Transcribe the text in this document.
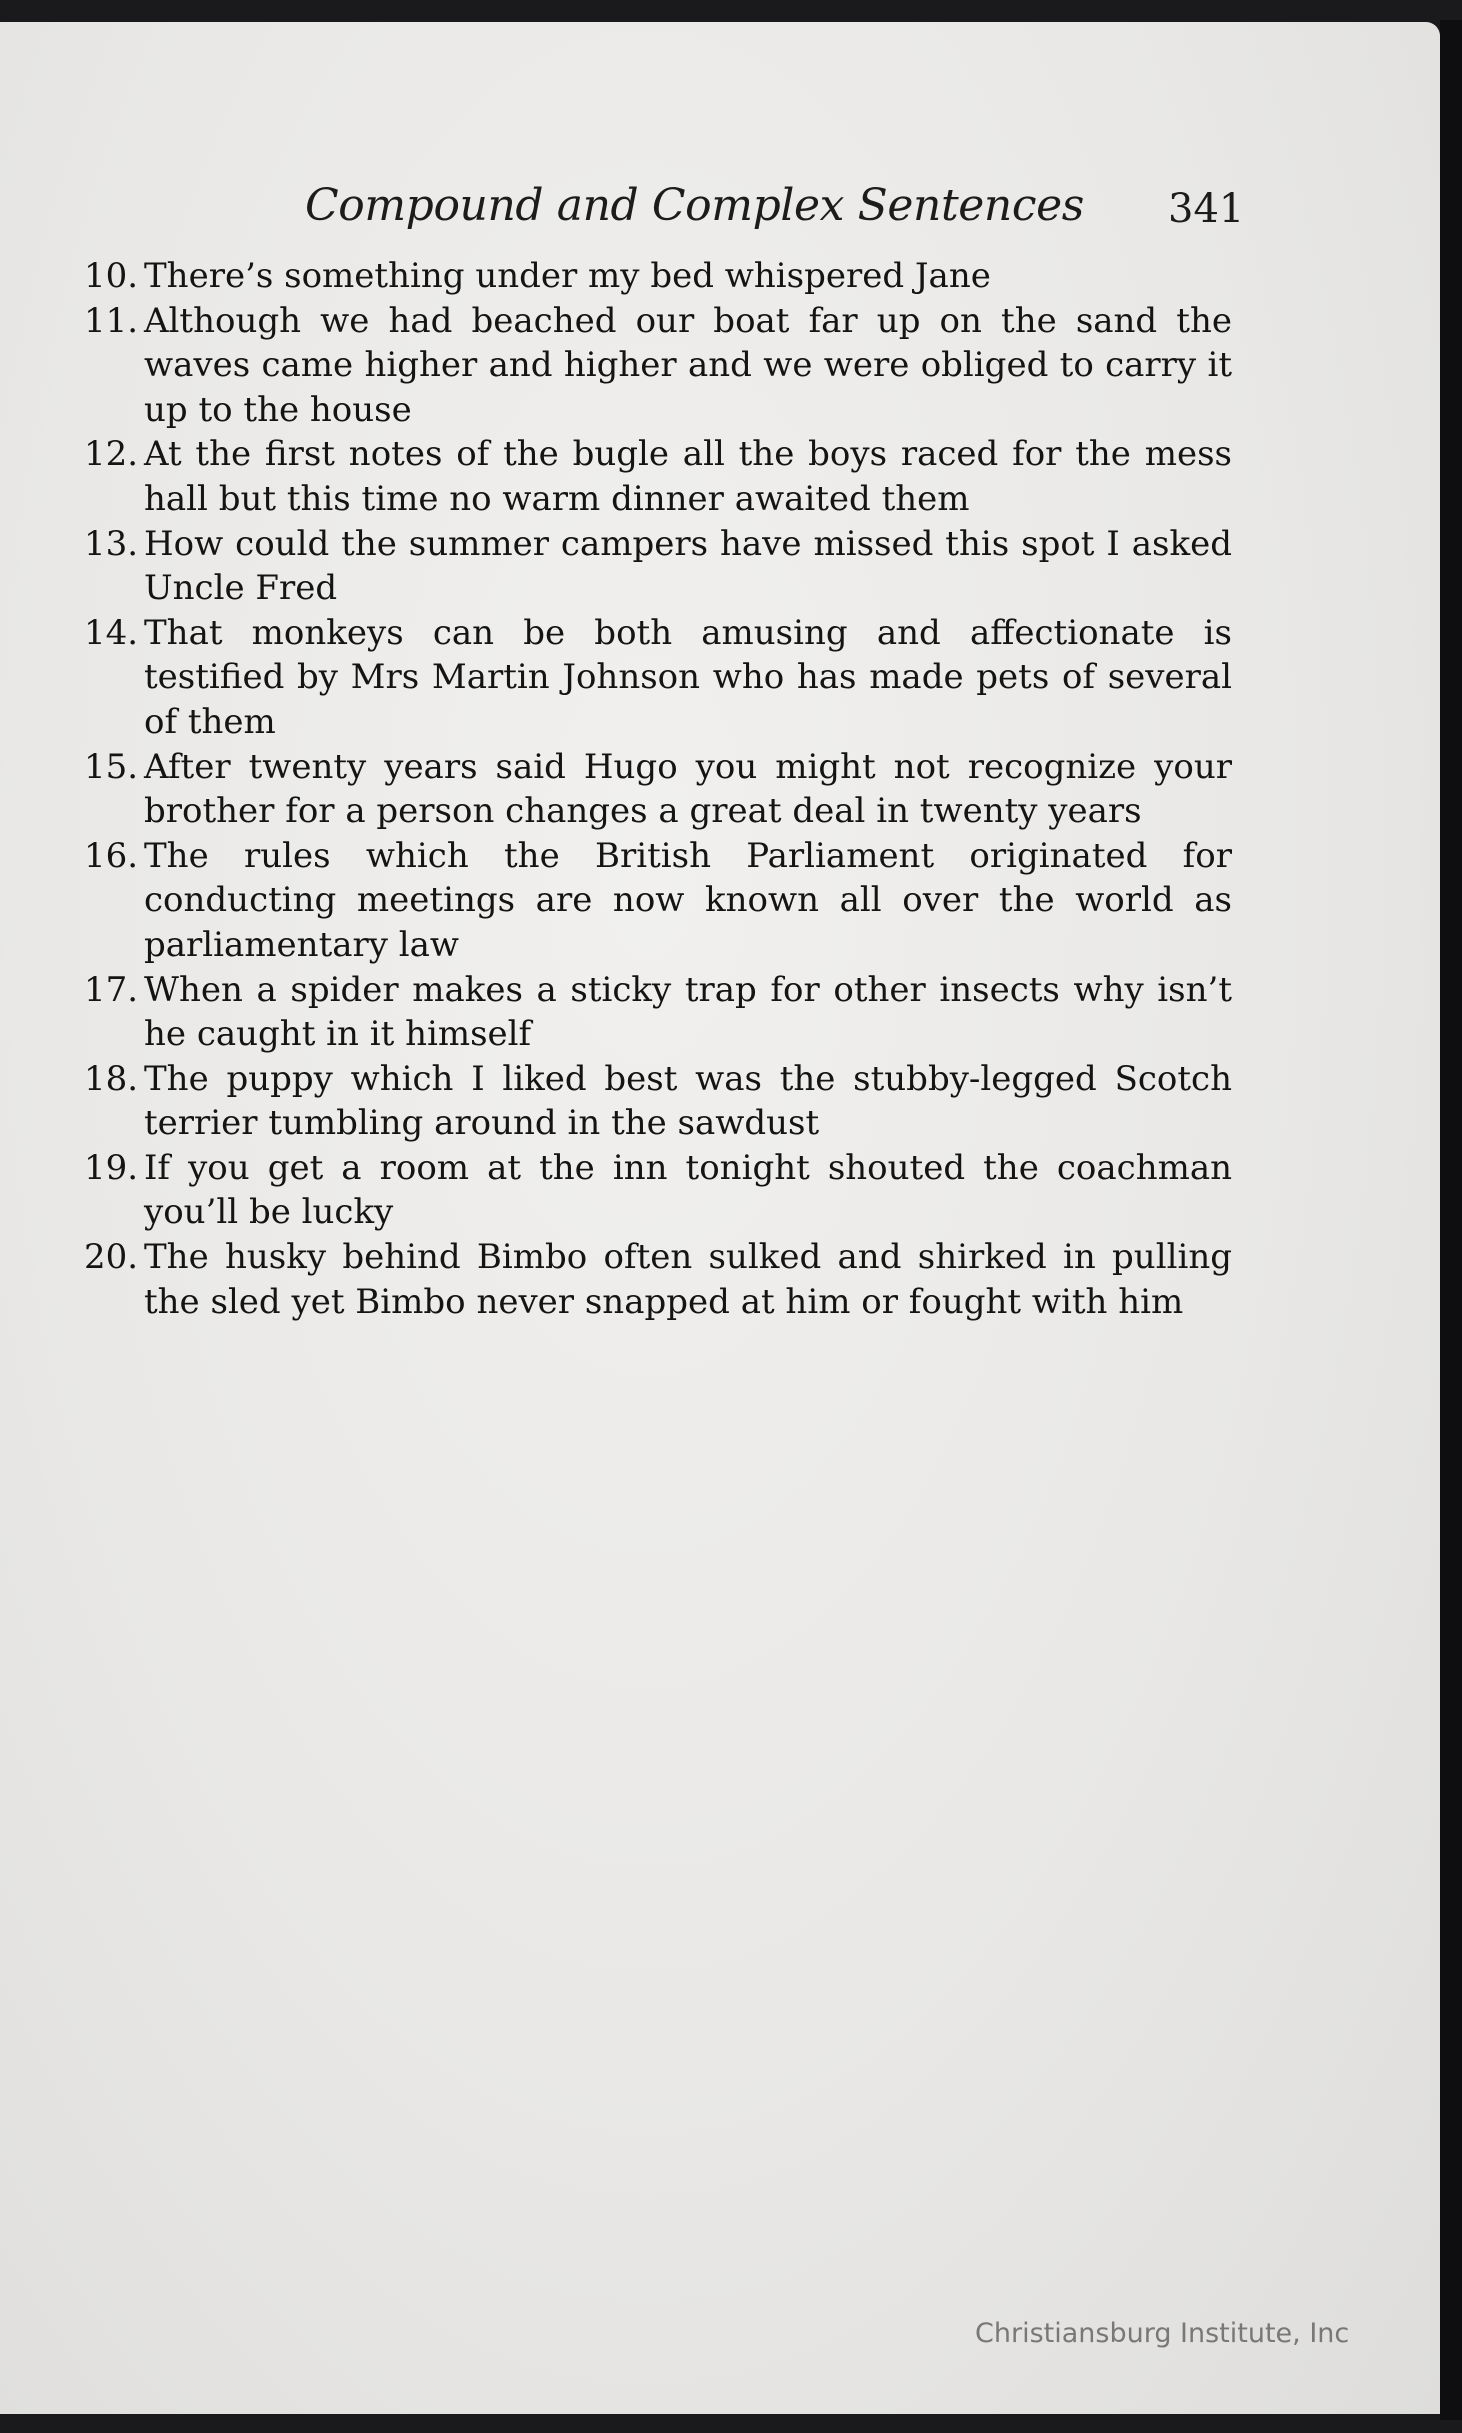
Compound and Complex Sentences 341
10. There’s something under my bed whispered Jane
11. Although we had beached our boat far up on the sand the waves came higher and higher and we were obliged to carry it up to the house
12. At the first notes of the bugle all the boys raced for the mess hall but this time no warm dinner awaited them
13. How could the summer campers have missed this spot I asked Uncle Fred
14. That monkeys can be both amusing and affectionate is testified by Mrs Martin Johnson who has made pets of several of them
15. After twenty years said Hugo you might not recognize your brother for a person changes a great deal in twenty years
16. The rules which the British Parliament originated for conducting meetings are now known all over the world as parliamentary law
17. When a spider makes a sticky trap for other insects why isn’t he caught in it himself
18. The puppy which I liked best was the stubby-legged Scotch terrier tumbling around in the sawdust
19. If you get a room at the inn tonight shouted the coachman you’ll be lucky
20. The husky behind Bimbo often sulked and shirked in pulling the sled yet Bimbo never snapped at him or fought with him
Christiansburg Institute, Inc
